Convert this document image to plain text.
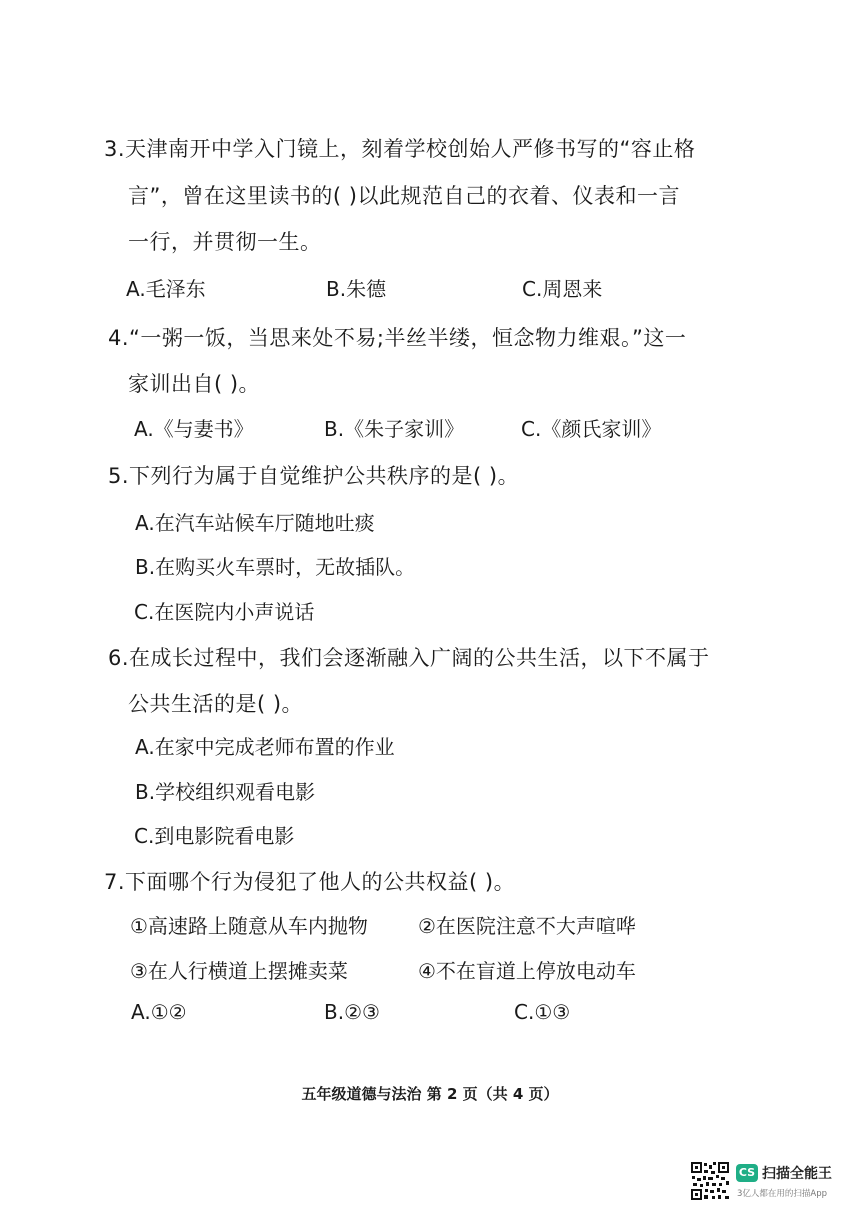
3.天津南开中学入门镜上，刻着学校创始人严修书写的“容止格
言”，曾在这里读书的( )以此规范自己的衣着、仪表和一言
一行，并贯彻一生。
A.毛泽东	B.朱德	C.周恩来
4.“一粥一饭，当思来处不易;半丝半缕，恒念物力维艰。”这一
家训出自( )。
A.《与妻书》	B.《朱子家训》	C.《颜氏家训》
5.下列行为属于自觉维护公共秩序的是( )。
A.在汽车站候车厅随地吐痰
B.在购买火车票时，无故插队。
C.在医院内小声说话
6.在成长过程中，我们会逐渐融入广阔的公共生活，以下不属于
公共生活的是( )。
A.在家中完成老师布置的作业
B.学校组织观看电影
C.到电影院看电影
7.下面哪个行为侵犯了他人的公共权益( )。
①高速路上随意从车内抛物	②在医院注意不大声喧哗
③在人行横道上摆摊卖菜	④不在盲道上停放电动车
A.①②	B.②③	C.①③
五年级道德与法治 第 2 页（共 4 页）
CS 扫描全能王
3亿人都在用的扫描App
